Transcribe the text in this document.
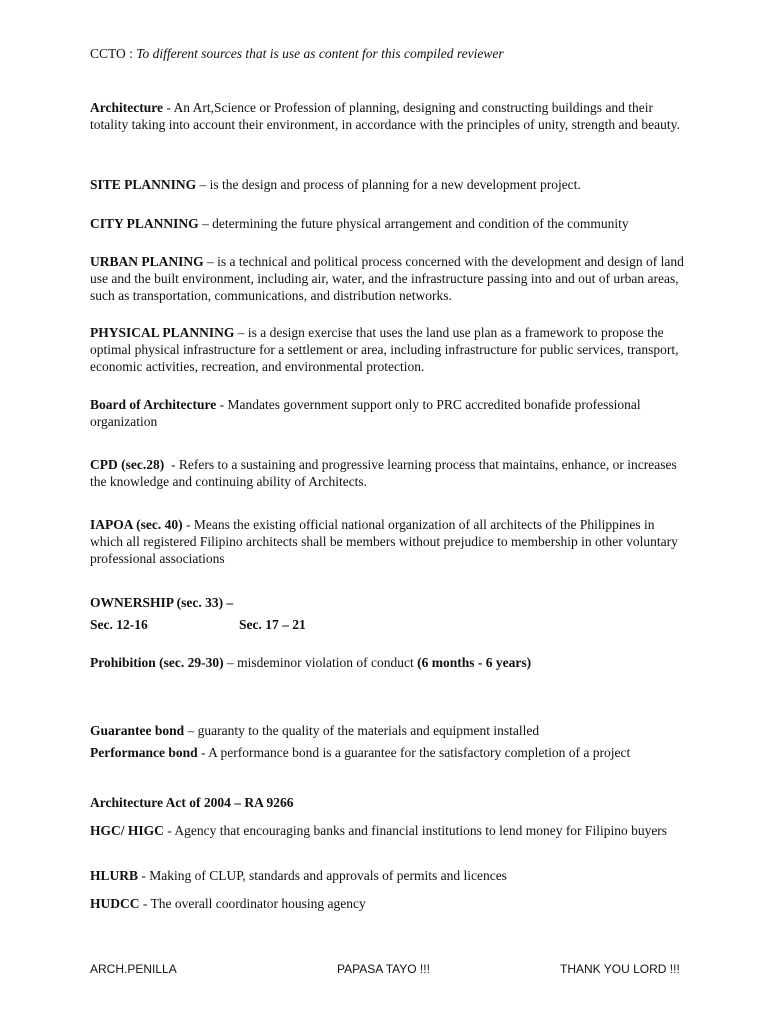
CCTO : To different sources that is use as content for this compiled reviewer
Architecture - An Art,Science or Profession of planning, designing and constructing buildings and their totality taking into account their environment, in accordance with the principles of unity, strength and beauty.
SITE PLANNING – is the design and process of planning for a new development project.
CITY PLANNING – determining the future physical arrangement and condition of the community
URBAN PLANING – is a technical and political process concerned with the development and design of land use and the built environment, including air, water, and the infrastructure passing into and out of urban areas, such as transportation, communications, and distribution networks.
PHYSICAL PLANNING – is a design exercise that uses the land use plan as a framework to propose the optimal physical infrastructure for a settlement or area, including infrastructure for public services, transport, economic activities, recreation, and environmental protection.
Board of Architecture - Mandates government support only to PRC accredited bonafide professional organization
CPD (sec.28)  - Refers to a sustaining and progressive learning process that maintains, enhance, or increases the knowledge and continuing ability of Architects.
IAPOA (sec. 40) - Means the existing official national organization of all architects of the Philippines in which all registered Filipino architects shall be members without prejudice to membership in other voluntary professional associations
OWNERSHIP (sec. 33) –
Sec. 12-16	Sec. 17 – 21
Prohibition (sec. 29-30) – misdeminor violation of conduct (6 months - 6 years)
Guarantee bond – guaranty to the quality of the materials and equipment installed
Performance bond - A performance bond is a guarantee for the satisfactory completion of a project
Architecture Act of 2004 – RA 9266
HGC/ HIGC - Agency that encouraging banks and financial institutions to lend money for Filipino buyers
HLURB - Making of CLUP, standards and approvals of permits and licences
HUDCC - The overall coordinator housing agency
ARCH.PENILLA	PAPASA TAYO !!!	THANK YOU LORD !!!
